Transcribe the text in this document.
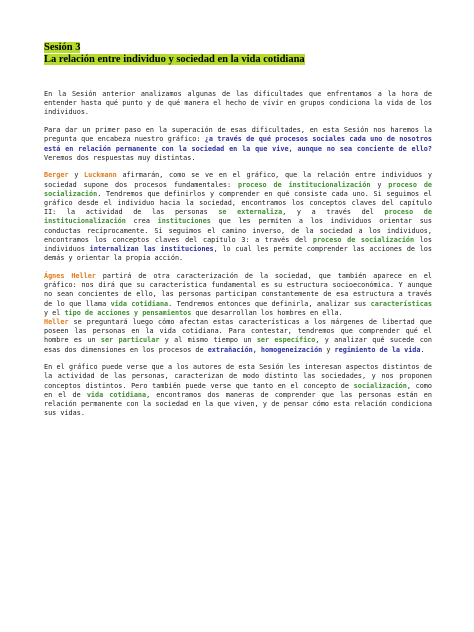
Sesión 3
La relación entre individuo y sociedad en la vida cotidiana

En la Sesión anterior analizamos algunas de las dificultades que enfrentamos a la hora de entender hasta qué punto y de qué manera el hecho de vivir en grupos condiciona la vida de los individuos.

Para dar un primer paso en la superación de esas dificultades, en esta Sesión nos haremos la pregunta que encabeza nuestro gráfico: ¿a través de qué procesos sociales cada uno de nosotros está en relación permanente con la sociedad en la que vive, aunque no sea conciente de ello? Veremos dos respuestas muy distintas.

Berger y Luckmann afirmarán, como se ve en el gráfico, que la relación entre individuos y sociedad supone dos procesos fundamentales: proceso de institucionalización y proceso de socialización. Tendremos que definirlos y comprender en qué consiste cada uno. Si seguimos el gráfico desde el individuo hacia la sociedad, encontramos los conceptos claves del capítulo II: la actividad de las personas se externaliza, y a través del proceso de institucionalización crea instituciones que les permiten a los individuos orientar sus conductas recíprocamente. Si seguimos el camino inverso, de la sociedad a los individuos, encontramos los conceptos claves del capítulo 3: a través del proceso de socialización los individuos internalizan las instituciones, lo cual les permite comprender las acciones de los demás y orientar la propia acción.

Ágnes Heller partirá de otra caracterización de la sociedad, que también aparece en el gráfico: nos dirá que su característica fundamental es su estructura socioeconómica. Y aunque no sean concientes de ello, las personas participan constantemente de esa estructura a través de lo que llama vida cotidiana. Tendremos entonces que definirla, analizar sus características y el tipo de acciones y pensamientos que desarrollan los hombres en ella.
Heller se preguntará luego cómo afectan estas características a los márgenes de libertad que poseen las personas en la vida cotidiana. Para contestar, tendremos que comprender qué el hombre es un ser particular y al mismo tiempo un ser específico, y analizar qué sucede con esas dos dimensiones en los procesos de extrañación, homogeneización y regimiento de la vida.

En el gráfico puede verse que a los autores de esta Sesión les interesan aspectos distintos de la actividad de las personas, caracterizan de modo distinto las sociedades, y nos proponen conceptos distintos. Pero también puede verse que tanto en el concepto de socialización, como en el de vida cotidiana, encontramos dos maneras de comprender que las personas están en relación permanente con la sociedad en la que viven, y de pensar cómo esta relación condiciona sus vidas.
